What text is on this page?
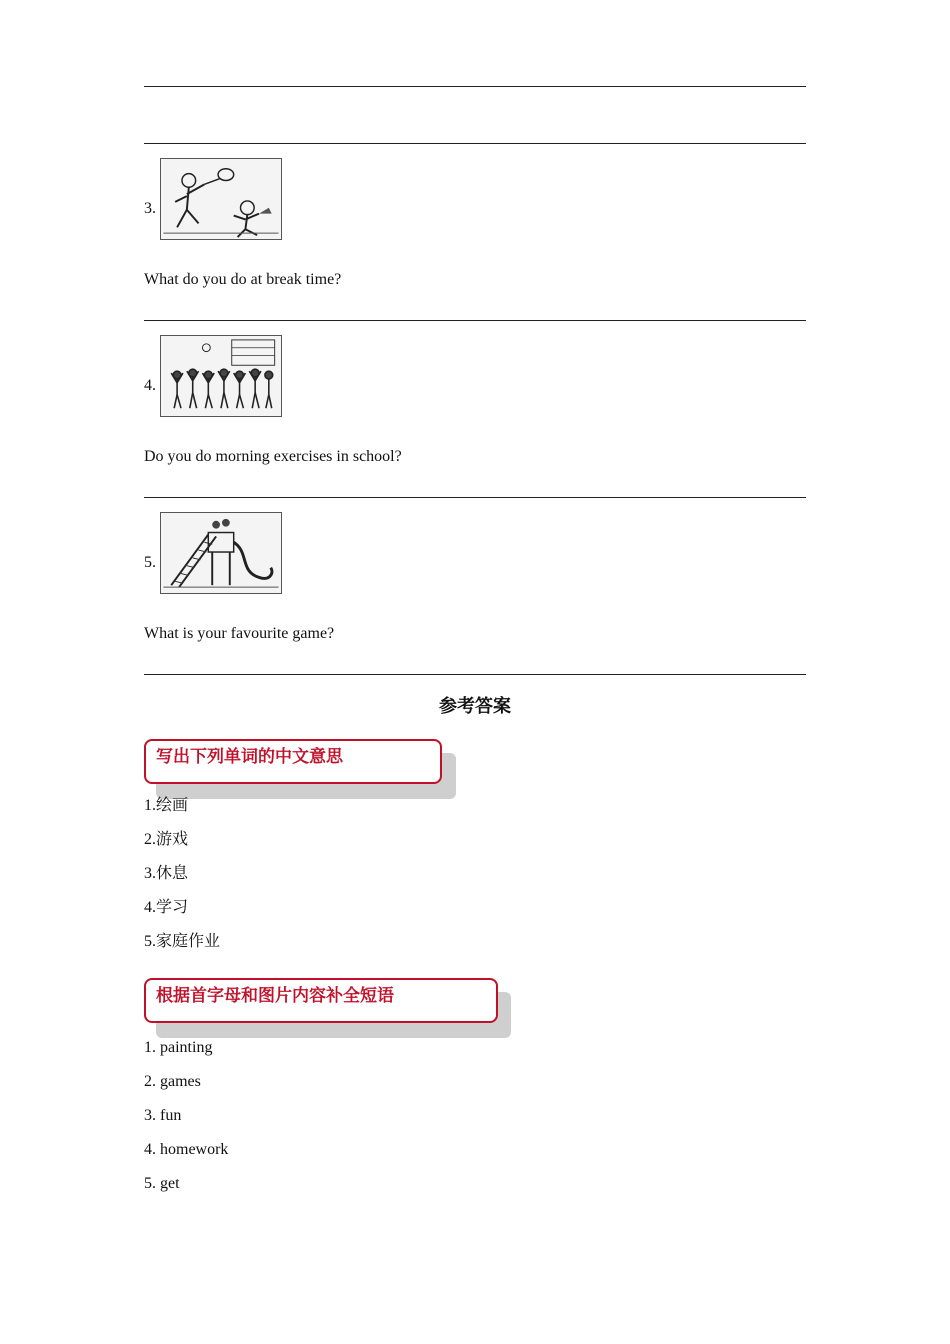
3.
What do you do at break time?
4.
Do you do morning exercises in school?
5.
What is your favourite game?
参考答案
写出下列单词的中文意思
1.绘画
2.游戏
3.休息
4.学习
5.家庭作业
根据首字母和图片内容补全短语
1. painting
2. games
3. fun
4. homework
5. get
